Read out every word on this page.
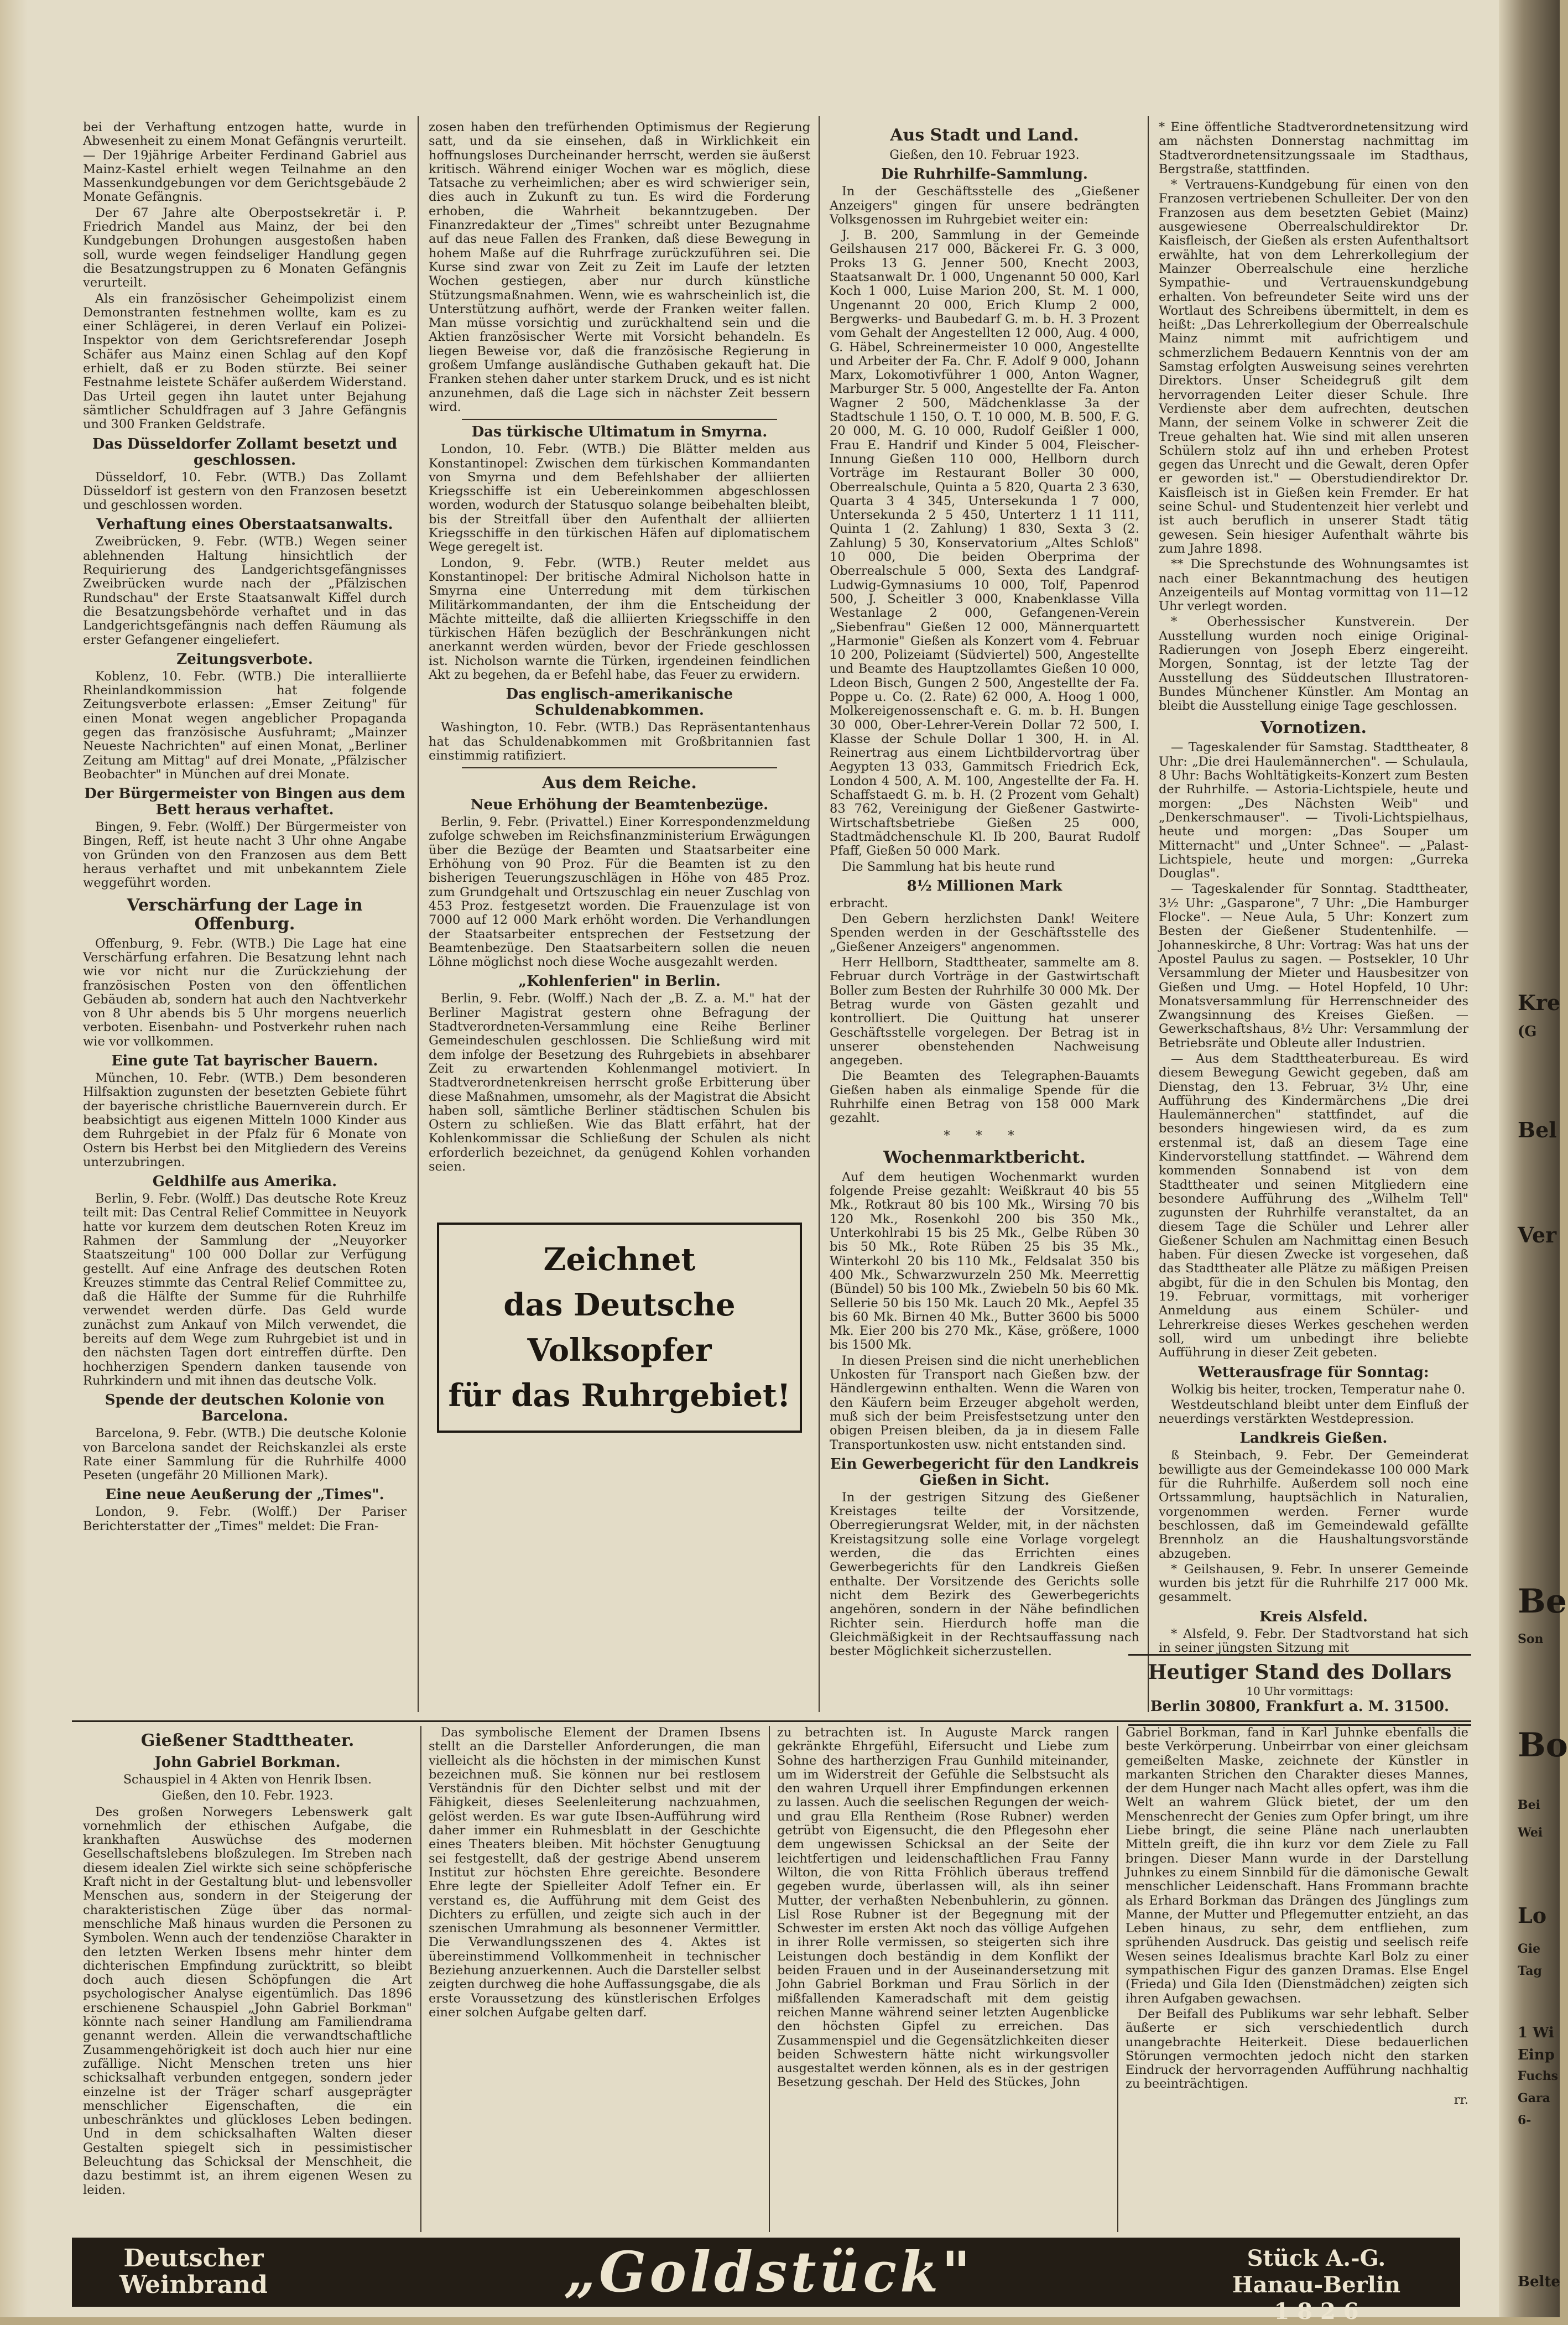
bei der Verhaftung entzogen hatte, wurde in Abwesenheit zu einem Monat Gefängnis verurteilt. — Der 19jährige Arbeiter Ferdinand Gabriel aus Mainz-Kastel erhielt wegen Teilnahme an den Massenkundgebungen vor dem Gerichtsgebäude 2 Monate Gefängnis.

Der 67 Jahre alte Oberpostsekretär i. P. Friedrich Mandel aus Mainz, der bei den Kundgebungen Drohungen ausgestoßen haben soll, wurde wegen feindseliger Handlung gegen die Besatzungstruppen zu 6 Monaten Gefängnis verurteilt.

Als ein französischer Geheimpolizist einem Demonstranten festnehmen wollte, kam es zu einer Schlägerei, in deren Verlauf ein Polizei-Inspektor von dem Gerichtsreferendar Joseph Schäfer aus Mainz einen Schlag auf den Kopf erhielt, daß er zu Boden stürzte. Bei seiner Festnahme leistete Schäfer außerdem Widerstand. Das Urteil gegen ihn lautet unter Bejahung sämtlicher Schuldfragen auf 3 Jahre Gefängnis und 300 Franken Geldstrafe.

Das Düsseldorfer Zollamt besetzt und geschlossen.

Düsseldorf, 10. Febr. (WTB.) Das Zollamt Düsseldorf ist gestern von den Franzosen besetzt und geschlossen worden.

Verhaftung eines Oberstaatsanwalts.

Zweibrücken, 9. Febr. (WTB.) Wegen seiner ablehnenden Haltung hinsichtlich der Requirierung des Landgerichtsgefängnisses Zweibrücken wurde nach der „Pfälzischen Rundschau" der Erste Staatsanwalt Kiffel durch die Besatzungsbehörde verhaftet und in das Landgerichtsgefängnis nach deffen Räumung als erster Gefangener eingeliefert.

Zeitungsverbote.

Koblenz, 10. Febr. (WTB.) Die interalliierte Rheinlandkommission hat folgende Zeitungsverbote erlassen: „Emser Zeitung" für einen Monat wegen angeblicher Propaganda gegen das französische Ausfuhramt; „Mainzer Neueste Nachrichten" auf einen Monat, „Berliner Zeitung am Mittag" auf drei Monate, „Pfälzischer Beobachter" in München auf drei Monate.

Der Bürgermeister von Bingen aus dem Bett heraus verhaftet.

Bingen, 9. Febr. (Wolff.) Der Bürgermeister von Bingen, Reff, ist heute nacht 3 Uhr ohne Angabe von Gründen von den Franzosen aus dem Bett heraus verhaftet und mit unbekanntem Ziele weggeführt worden.

Verschärfung der Lage in Offenburg.

Offenburg, 9. Febr. (WTB.) Die Lage hat eine Verschärfung erfahren. Die Besatzung lehnt nach wie vor nicht nur die Zurückziehung der französischen Posten von den öffentlichen Gebäuden ab, sondern hat auch den Nachtverkehr von 8 Uhr abends bis 5 Uhr morgens neuerlich verboten. Eisenbahn- und Postverkehr ruhen nach wie vor vollkommen.

Eine gute Tat bayrischer Bauern.

München, 10. Febr. (WTB.) Dem besonderen Hilfsaktion zugunsten der besetzten Gebiete führt der bayerische christliche Bauernverein durch. Er beabsichtigt aus eigenen Mitteln 1000 Kinder aus dem Ruhrgebiet in der Pfalz für 6 Monate von Ostern bis Herbst bei den Mitgliedern des Vereins unterzubringen.

Geldhilfe aus Amerika.

Berlin, 9. Febr. (Wolff.) Das deutsche Rote Kreuz teilt mit: Das Central Relief Committee in Neuyork hatte vor kurzem dem deutschen Roten Kreuz im Rahmen der Sammlung der „Neuyorker Staatszeitung" 100 000 Dollar zur Verfügung gestellt. Auf eine Anfrage des deutschen Roten Kreuzes stimmte das Central Relief Committee zu, daß die Hälfte der Summe für die Ruhrhilfe verwendet werden dürfe. Das Geld wurde zunächst zum Ankauf von Milch verwendet, die bereits auf dem Wege zum Ruhrgebiet ist und in den nächsten Tagen dort eintreffen dürfte. Den hochherzigen Spendern danken tausende von Ruhrkindern und mit ihnen das deutsche Volk.

Spende der deutschen Kolonie von Barcelona.

Barcelona, 9. Febr. (WTB.) Die deutsche Kolonie von Barcelona sandet der Reichskanzlei als erste Rate einer Sammlung für die Ruhrhilfe 4000 Peseten (ungefähr 20 Millionen Mark).

Eine neue Aeußerung der „Times".

London, 9. Febr. (Wolff.) Der Pariser Berichterstatter der „Times" meldet: Die Fran-

zosen haben den trefürhenden Optimismus der Regierung satt, und da sie einsehen, daß in Wirklichkeit ein hoffnungsloses Durcheinander herrscht, werden sie äußerst kritisch. Während einiger Wochen war es möglich, diese Tatsache zu verheimlichen; aber es wird schwieriger sein, dies auch in Zukunft zu tun. Es wird die Forderung erhoben, die Wahrheit bekanntzugeben. Der Finanzredakteur der „Times" schreibt unter Bezugnahme auf das neue Fallen des Franken, daß diese Bewegung in hohem Maße auf die Ruhrfrage zurückzuführen sei. Die Kurse sind zwar von Zeit zu Zeit im Laufe der letzten Wochen gestiegen, aber nur durch künstliche Stützungsmaßnahmen. Wenn, wie es wahrscheinlich ist, die Unterstützung aufhört, werde der Franken weiter fallen. Man müsse vorsichtig und zurückhaltend sein und die Aktien französischer Werte mit Vorsicht behandeln. Es liegen Beweise vor, daß die französische Regierung in großem Umfange ausländische Guthaben gekauft hat. Die Franken stehen daher unter starkem Druck, und es ist nicht anzunehmen, daß die Lage sich in nächster Zeit bessern wird.

Das türkische Ultimatum in Smyrna.

London, 10. Febr. (WTB.) Die Blätter melden aus Konstantinopel: Zwischen dem türkischen Kommandanten von Smyrna und dem Befehlshaber der alliierten Kriegsschiffe ist ein Uebereinkommen abgeschlossen worden, wodurch der Statusquo solange beibehalten bleibt, bis der Streitfall über den Aufenthalt der alliierten Kriegsschiffe in den türkischen Häfen auf diplomatischem Wege geregelt ist.

London, 9. Febr. (WTB.) Reuter meldet aus Konstantinopel: Der britische Admiral Nicholson hatte in Smyrna eine Unterredung mit dem türkischen Militärkommandanten, der ihm die Entscheidung der Mächte mitteilte, daß die alliierten Kriegsschiffe in den türkischen Häfen bezüglich der Beschränkungen nicht anerkannt werden würden, bevor der Friede geschlossen ist. Nicholson warnte die Türken, irgendeinen feindlichen Akt zu begehen, da er Befehl habe, das Feuer zu erwidern.

Das englisch-amerikanische Schuldenabkommen.

Washington, 10. Febr. (WTB.) Das Repräsentantenhaus hat das Schuldenabkommen mit Großbritannien fast einstimmig ratifiziert.

Aus dem Reiche.
Neue Erhöhung der Beamtenbezüge.

Berlin, 9. Febr. (Privattel.) Einer Korrespondenzmeldung zufolge schweben im Reichsfinanzministerium Erwägungen über die Bezüge der Beamten und Staatsarbeiter eine Erhöhung von 90 Proz. Für die Beamten ist zu den bisherigen Teuerungszuschlägen in Höhe von 485 Proz. zum Grundgehalt und Ortszuschlag ein neuer Zuschlag von 453 Proz. festgesetzt worden. Die Frauenzulage ist von 7000 auf 12 000 Mark erhöht worden. Die Verhandlungen der Staatsarbeiter entsprechen der Festsetzung der Beamtenbezüge. Den Staatsarbeitern sollen die neuen Löhne möglichst noch diese Woche ausgezahlt werden.

„Kohlenferien" in Berlin.

Berlin, 9. Febr. (Wolff.) Nach der „B. Z. a. M." hat der Berliner Magistrat gestern ohne Befragung der Stadtverordneten-Versammlung eine Reihe Berliner Gemeindeschulen geschlossen. Die Schließung wird mit dem infolge der Besetzung des Ruhrgebiets in absehbarer Zeit zu erwartenden Kohlenmangel motiviert. In Stadtverordnetenkreisen herrscht große Erbitterung über diese Maßnahmen, umsomehr, als der Magistrat die Absicht haben soll, sämtliche Berliner städtischen Schulen bis Ostern zu schließen. Wie das Blatt erfährt, hat der Kohlenkommissar die Schließung der Schulen als nicht erforderlich bezeichnet, da genügend Kohlen vorhanden seien.

Zeichnet
das Deutsche Volksopfer
für das Ruhrgebiet!
Aus Stadt und Land.
Gießen, den 10. Februar 1923.
Die Ruhrhilfe-Sammlung.

In der Geschäftsstelle des „Gießener Anzeigers" gingen für unsere bedrängten Volksgenossen im Ruhrgebiet weiter ein:

J. B. 200, Sammlung in der Gemeinde Geilshausen 217 000, Bäckerei Fr. G. 3 000, Proks 13 G. Jenner 500, Knecht 2003, Staatsanwalt Dr. 1 000, Ungenannt 50 000, Karl Koch 1 000, Luise Marion 200, St. M. 1 000, Ungenannt 20 000, Erich Klump 2 000, Bergwerks- und Baubedarf G. m. b. H. 3 Prozent vom Gehalt der Angestellten 12 000, Aug. 4 000, G. Häbel, Schreinermeister 10 000, Angestellte und Arbeiter der Fa. Chr. F. Adolf 9 000, Johann Marx, Lokomotivführer 1 000, Anton Wagner, Marburger Str. 5 000, Angestellte der Fa. Anton Wagner 2 500, Mädchenklasse 3a der Stadtschule 1 150, O. T. 10 000, M. B. 500, F. G. 20 000, M. G. 10 000, Rudolf Geißler 1 000, Frau E. Handrif und Kinder 5 004, Fleischer-Innung Gießen 110 000, Hellborn durch Vorträge im Restaurant Boller 30 000, Oberrealschule, Quinta a 5 820, Quarta 2 3 630, Quarta 3 4 345, Untersekunda 1 7 000, Untersekunda 2 5 450, Unterterz 1 11 111, Quinta 1 (2. Zahlung) 1 830, Sexta 3 (2. Zahlung) 5 30, Konservatorium „Altes Schloß" 10 000, Die beiden Oberprima der Oberrealschule 5 000, Sexta des Landgraf-Ludwig-Gymnasiums 10 000, Tolf, Papenrod 500, J. Scheitler 3 000, Knabenklasse Villa Westanlage 2 000, Gefangenen-Verein „Siebenfrau" Gießen 12 000, Männerquartett „Harmonie" Gießen als Konzert vom 4. Februar 10 200, Polizeiamt (Südviertel) 500, Angestellte und Beamte des Hauptzollamtes Gießen 10 000, Ldeon Bisch, Gungen 2 500, Angestellte der Fa. Poppe u. Co. (2. Rate) 62 000, A. Hoog 1 000, Molkereigenossenschaft e. G. m. b. H. Bungen 30 000, Ober-Lehrer-Verein Dollar 72 500, I. Klasse der Schule Dollar 1 300, H. in Al. Reinertrag aus einem Lichtbildervortrag über Aegypten 13 033, Gammitsch Friedrich Eck, London 4 500, A. M. 100, Angestellte der Fa. H. Schaffstaedt G. m. b. H. (2 Prozent vom Gehalt) 83 762, Vereinigung der Gießener Gastwirte-Wirtschaftsbetriebe Gießen 25 000, Stadtmädchenschule Kl. Ib 200, Baurat Rudolf Pfaff, Gießen 50 000 Mark.

Die Sammlung hat bis heute rund

8½ Millionen Mark

erbracht.

Den Gebern herzlichsten Dank! Weitere Spenden werden in der Geschäftsstelle des „Gießener Anzeigers" angenommen.

Herr Hellborn, Stadttheater, sammelte am 8. Februar durch Vorträge in der Gastwirtschaft Boller zum Besten der Ruhrhilfe 30 000 Mk. Der Betrag wurde von Gästen gezahlt und kontrolliert. Die Quittung hat unserer Geschäftsstelle vorgelegen. Der Betrag ist in unserer obenstehenden Nachweisung angegeben.

Die Beamten des Telegraphen-Bauamts Gießen haben als einmalige Spende für die Ruhrhilfe einen Betrag von 158 000 Mark gezahlt.

* * *
Wochenmarktbericht.

Auf dem heutigen Wochenmarkt wurden folgende Preise gezahlt: Weißkraut 40 bis 55 Mk., Rotkraut 80 bis 100 Mk., Wirsing 70 bis 120 Mk., Rosenkohl 200 bis 350 Mk., Unterkohlrabi 15 bis 25 Mk., Gelbe Rüben 30 bis 50 Mk., Rote Rüben 25 bis 35 Mk., Winterkohl 20 bis 110 Mk., Feldsalat 350 bis 400 Mk., Schwarzwurzeln 250 Mk. Meerrettig (Bündel) 50 bis 100 Mk., Zwiebeln 50 bis 60 Mk. Sellerie 50 bis 150 Mk. Lauch 20 Mk., Aepfel 35 bis 60 Mk. Birnen 40 Mk., Butter 3600 bis 5000 Mk. Eier 200 bis 270 Mk., Käse, größere, 1000 bis 1500 Mk.

In diesen Preisen sind die nicht unerheblichen Unkosten für Transport nach Gießen bzw. der Händlergewinn enthalten. Wenn die Waren von den Käufern beim Erzeuger abgeholt werden, muß sich der beim Preisfestsetzung unter den obigen Preisen bleiben, da ja in diesem Falle Transportunkosten usw. nicht entstanden sind.

Ein Gewerbegericht für den Landkreis Gießen in Sicht.

In der gestrigen Sitzung des Gießener Kreistages teilte der Vorsitzende, Oberregierungsrat Welder, mit, in der nächsten Kreistagsitzung solle eine Vorlage vorgelegt werden, die das Errichten eines Gewerbegerichts für den Landkreis Gießen enthalte. Der Vorsitzende des Gerichts solle nicht dem Bezirk des Gewerbegerichts angehören, sondern in der Nähe befindlichen Richter sein. Hierdurch hoffe man die Gleichmäßigkeit in der Rechtsauffassung nach bester Möglichkeit sicherzustellen.

* Eine öffentliche Stadtverordnetensitzung wird am nächsten Donnerstag nachmittag im Stadtverordnetensitzungssaale im Stadthaus, Bergstraße, stattfinden.

* Vertrauens-Kundgebung für einen von den Franzosen vertriebenen Schulleiter. Der von den Franzosen aus dem besetzten Gebiet (Mainz) ausgewiesene Oberrealschuldirektor Dr. Kaisfleisch, der Gießen als ersten Aufenthaltsort erwählte, hat von dem Lehrerkollegium der Mainzer Oberrealschule eine herzliche Sympathie- und Vertrauenskundgebung erhalten. Von befreundeter Seite wird uns der Wortlaut des Schreibens übermittelt, in dem es heißt: „Das Lehrerkollegium der Oberrealschule Mainz nimmt mit aufrichtigem und schmerzlichem Bedauern Kenntnis von der am Samstag erfolgten Ausweisung seines verehrten Direktors. Unser Scheidegruß gilt dem hervorragenden Leiter dieser Schule. Ihre Verdienste aber dem aufrechten, deutschen Mann, der seinem Volke in schwerer Zeit die Treue gehalten hat. Wie sind mit allen unseren Schülern stolz auf ihn und erheben Protest gegen das Unrecht und die Gewalt, deren Opfer er geworden ist." — Oberstudiendirektor Dr. Kaisfleisch ist in Gießen kein Fremder. Er hat seine Schul- und Studentenzeit hier verlebt und ist auch beruflich in unserer Stadt tätig gewesen. Sein hiesiger Aufenthalt währte bis zum Jahre 1898.

** Die Sprechstunde des Wohnungsamtes ist nach einer Bekanntmachung des heutigen Anzeigenteils auf Montag vormittag von 11—12 Uhr verlegt worden.

* Oberhessischer Kunstverein. Der Ausstellung wurden noch einige Original-Radierungen von Joseph Eberz eingereiht. Morgen, Sonntag, ist der letzte Tag der Ausstellung des Süddeutschen Illustratoren-Bundes Münchener Künstler. Am Montag an bleibt die Ausstellung einige Tage geschlossen.

Vornotizen.

— Tageskalender für Samstag. Stadttheater, 8 Uhr: „Die drei Haulemännerchen". — Schulaula, 8 Uhr: Bachs Wohltätigkeits-Konzert zum Besten der Ruhrhilfe. — Astoria-Lichtspiele, heute und morgen: „Des Nächsten Weib" und „Denkerschmauser". — Tivoli-Lichtspielhaus, heute und morgen: „Das Souper um Mitternacht" und „Unter Schnee". — „Palast-Lichtspiele, heute und morgen: „Gurreka Douglas".

— Tageskalender für Sonntag. Stadttheater, 3½ Uhr: „Gasparone", 7 Uhr: „Die Hamburger Flocke". — Neue Aula, 5 Uhr: Konzert zum Besten der Gießener Studentenhilfe. — Johanneskirche, 8 Uhr: Vortrag: Was hat uns der Apostel Paulus zu sagen. — Postsekler, 10 Uhr Versammlung der Mieter und Hausbesitzer von Gießen und Umg. — Hotel Hopfeld, 10 Uhr: Monatsversammlung für Herrenschneider des Zwangsinnung des Kreises Gießen. — Gewerkschaftshaus, 8½ Uhr: Versammlung der Betriebsräte und Obleute aller Industrien.

— Aus dem Stadttheaterbureau. Es wird diesem Bewegung Gewicht gegeben, daß am Dienstag, den 13. Februar, 3½ Uhr, eine Aufführung des Kindermärchens „Die drei Haulemännerchen" stattfindet, auf die besonders hingewiesen wird, da es zum erstenmal ist, daß an diesem Tage eine Kindervorstellung stattfindet. — Während dem kommenden Sonnabend ist von dem Stadttheater und seinen Mitgliedern eine besondere Aufführung des „Wilhelm Tell" zugunsten der Ruhrhilfe veranstaltet, da an diesem Tage die Schüler und Lehrer aller Gießener Schulen am Nachmittag einen Besuch haben. Für diesen Zwecke ist vorgesehen, daß das Stadttheater alle Plätze zu mäßigen Preisen abgibt, für die in den Schulen bis Montag, den 19. Februar, vormittags, mit vorheriger Anmeldung aus einem Schüler- und Lehrerkreise dieses Werkes geschehen werden soll, wird um unbedingt ihre beliebte Aufführung in dieser Zeit gebeten.

Wetterausfrage für Sonntag:

Wolkig bis heiter, trocken, Temperatur nahe 0.

Westdeutschland bleibt unter dem Einfluß der neuerdings verstärkten Westdepression.

Landkreis Gießen.

ß Steinbach, 9. Febr. Der Gemeinderat bewilligte aus der Gemeindekasse 100 000 Mark für die Ruhrhilfe. Außerdem soll noch eine Ortssammlung, hauptsächlich in Naturalien, vorgenommen werden. Ferner wurde beschlossen, daß im Gemeindewald gefällte Brennholz an die Haushaltungsvorstände abzugeben.

* Geilshausen, 9. Febr. In unserer Gemeinde wurden bis jetzt für die Ruhrhilfe 217 000 Mk. gesammelt.

Kreis Alsfeld.

* Alsfeld, 9. Febr. Der Stadtvorstand hat sich in seiner jüngsten Sitzung mit

Heutiger Stand des Dollars
10 Uhr vormittags:
Berlin 30800, Frankfurt a. M. 31500.
Gießener Stadttheater.
John Gabriel Borkman.
Schauspiel in 4 Akten von Henrik Ibsen.
Gießen, den 10. Febr. 1923.

Des großen Norwegers Lebenswerk galt vornehmlich der ethischen Aufgabe, die krankhaften Auswüchse des modernen Gesellschaftslebens bloßzulegen. Im Streben nach diesem idealen Ziel wirkte sich seine schöpferische Kraft nicht in der Gestaltung blut- und lebensvoller Menschen aus, sondern in der Steigerung der charakteristischen Züge über das normal-menschliche Maß hinaus wurden die Personen zu Symbolen. Wenn auch der tendenziöse Charakter in den letzten Werken Ibsens mehr hinter dem dichterischen Empfindung zurücktritt, so bleibt doch auch diesen Schöpfungen die Art psychologischer Analyse eigentümlich. Das 1896 erschienene Schauspiel „John Gabriel Borkman" könnte nach seiner Handlung am Familiendrama genannt werden. Allein die verwandtschaftliche Zusammengehörigkeit ist doch auch hier nur eine zufällige. Nicht Menschen treten uns hier schicksalhaft verbunden entgegen, sondern jeder einzelne ist der Träger scharf ausgeprägter menschlicher Eigenschaften, die ein unbeschränktes und glückloses Leben bedingen. Und in dem schicksalhaften Walten dieser Gestalten spiegelt sich in pessimistischer Beleuchtung das Schicksal der Menschheit, die dazu bestimmt ist, an ihrem eigenen Wesen zu leiden.

Das symbolische Element der Dramen Ibsens stellt an die Darsteller Anforderungen, die man vielleicht als die höchsten in der mimischen Kunst bezeichnen muß. Sie können nur bei restlosem Verständnis für den Dichter selbst und mit der Fähigkeit, dieses Seelenleiterung nachzuahmen, gelöst werden. Es war gute Ibsen-Aufführung wird daher immer ein Ruhmesblatt in der Geschichte eines Theaters bleiben. Mit höchster Genugtuung sei festgestellt, daß der gestrige Abend unserem Institut zur höchsten Ehre gereichte. Besondere Ehre legte der Spielleiter Adolf Tefner ein. Er verstand es, die Aufführung mit dem Geist des Dichters zu erfüllen, und zeigte sich auch in der szenischen Umrahmung als besonnener Vermittler. Die Verwandlungsszenen des 4. Aktes ist übereinstimmend Vollkommenheit in technischer Beziehung anzuerkennen. Auch die Darsteller selbst zeigten durchweg die hohe Auffassungsgabe, die als erste Voraussetzung des künstlerischen Erfolges einer solchen Aufgabe gelten darf.

zu betrachten ist. In Auguste Marck rangen gekränkte Ehrgefühl, Eifersucht und Liebe zum Sohne des hartherzigen Frau Gunhild miteinander, um im Widerstreit der Gefühle die Selbstsucht als den wahren Urquell ihrer Empfindungen erkennen zu lassen. Auch die seelischen Regungen der weich- und grau Ella Rentheim (Rose Rubner) werden getrübt von Eigensucht, die den Pflegesohn eher dem ungewissen Schicksal an der Seite der leichtfertigen und leidenschaftlichen Frau Fanny Wilton, die von Ritta Fröhlich überaus treffend gegeben wurde, überlassen will, als ihn seiner Mutter, der verhaßten Nebenbuhlerin, zu gönnen. Lisl Rose Rubner ist der Begegnung mit der Schwester im ersten Akt noch das völlige Aufgehen in ihrer Rolle vermissen, so steigerten sich ihre Leistungen doch beständig in dem Konflikt der beiden Frauen und in der Auseinandersetzung mit John Gabriel Borkman und Frau Sörlich in der mißfallenden Kameradschaft mit dem geistig reichen Manne während seiner letzten Augenblicke den höchsten Gipfel zu erreichen. Das Zusammenspiel und die Gegensätzlichkeiten dieser beiden Schwestern hätte nicht wirkungsvoller ausgestaltet werden können, als es in der gestrigen Besetzung geschah. Der Held des Stückes, John

Gabriel Borkman, fand in Karl Juhnke ebenfalls die beste Verkörperung. Unbeirrbar von einer gleichsam gemeißelten Maske, zeichnete der Künstler in markanten Strichen den Charakter dieses Mannes, der dem Hunger nach Macht alles opfert, was ihm die Welt an wahrem Glück bietet, der um den Menschenrecht der Genies zum Opfer bringt, um ihre Liebe bringt, die seine Pläne nach unerlaubten Mitteln greift, die ihn kurz vor dem Ziele zu Fall bringen. Dieser Mann wurde in der Darstellung Juhnkes zu einem Sinnbild für die dämonische Gewalt menschlicher Leidenschaft. Hans Frommann brachte als Erhard Borkman das Drängen des Jünglings zum Manne, der Mutter und Pflegemutter entzieht, an das Leben hinaus, zu sehr, dem entfliehen, zum sprühenden Ausdruck. Das geistig und seelisch reife Wesen seines Idealismus brachte Karl Bolz zu einer sympathischen Figur des ganzen Dramas. Else Engel (Frieda) und Gila Iden (Dienstmädchen) zeigten sich ihren Aufgaben gewachsen.

Der Beifall des Publikums war sehr lebhaft. Selber äußerte er sich verschiedentlich durch unangebrachte Heiterkeit. Diese bedauerlichen Störungen vermochten jedoch nicht den starken Eindruck der hervorragenden Aufführung nachhaltig zu beeinträchtigen.

rr.
Deutscher Weinbrand	„Goldstück"	Stück A.-G.
Hanau-Berlin
1 8 2 6
Kre
(G
Bel
Ver
Be
Son
Bo
Bei
Wei
Lo
Gie
Tag
1 Wi
Einp
Fuchs
Gara
6-
Belte
